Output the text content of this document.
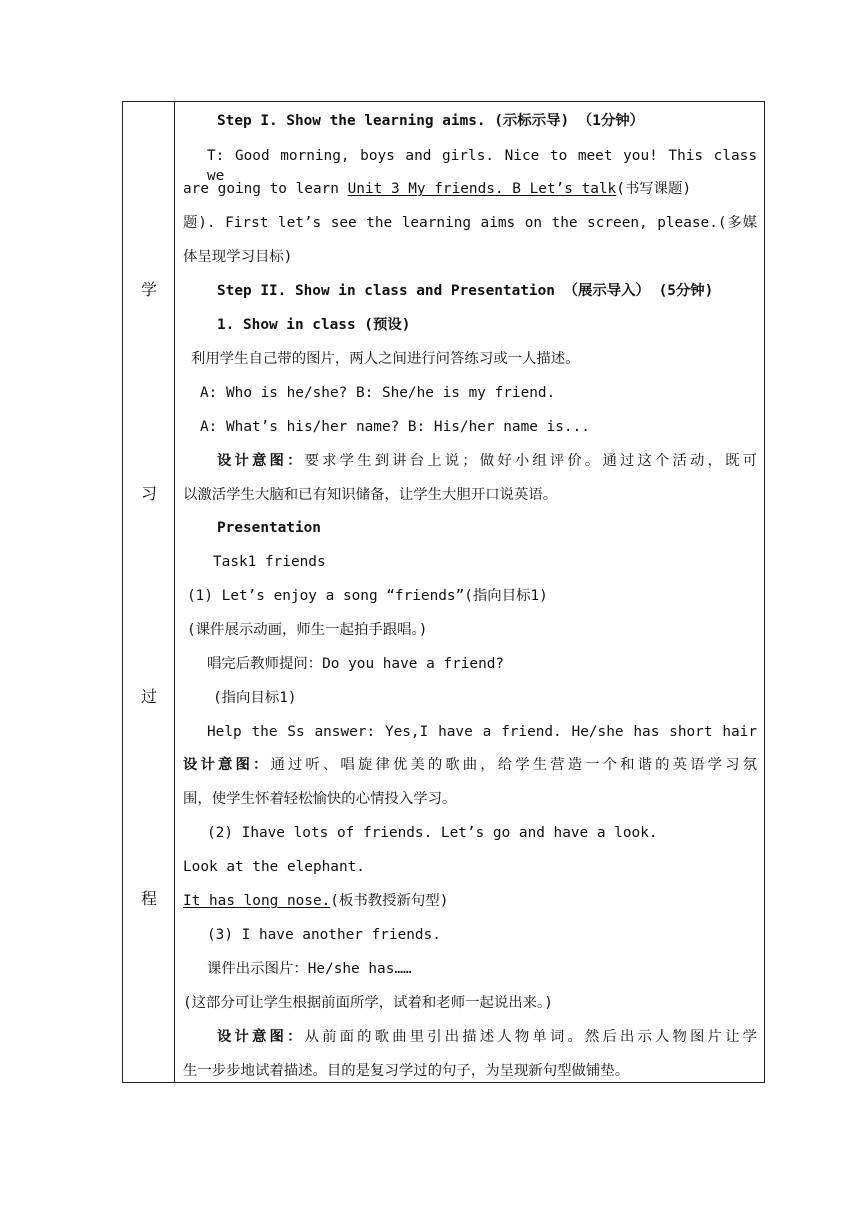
学
习
过
程
Step I. Show the learning aims. (示标示导) （1分钟）
T: Good morning, boys and girls. Nice to meet you! This class we
are going to learn Unit 3 My friends. B Let’s talk(书写课题)
题). First let’s see the learning aims on the screen, please.(多媒
体呈现学习目标)
Step II. Show in class and Presentation （展示导入） (5分钟)
1. Show in class (预设)
利用学生自己带的图片，两人之间进行问答练习或一人描述。
A: Who is he/she? B: She/he is my friend.
A: What’s his/her name? B: His/her name is...
设计意图：要求学生到讲台上说；做好小组评价。通过这个活动，既可
以激活学生大脑和已有知识储备，让学生大胆开口说英语。
Presentation
Task1 friends
(1) Let’s enjoy a song “friends”(指向目标1)
(课件展示动画，师生一起拍手跟唱。)
唱完后教师提问：Do you have a friend?
(指向目标1)
Help the Ss answer: Yes,I have a friend. He/she has short hair
设计意图：通过听、唱旋律优美的歌曲，给学生营造一个和谐的英语学习氛
围，使学生怀着轻松愉快的心情投入学习。
(2) Ihave lots of friends. Let’s go and have a look.
Look at the elephant.
It has long nose.(板书教授新句型)
(3) I have another friends.
课件出示图片：He/she has……
(这部分可让学生根据前面所学，试着和老师一起说出来。)
设计意图：从前面的歌曲里引出描述人物单词。然后出示人物图片让学
生一步步地试着描述。目的是复习学过的句子，为呈现新句型做铺垫。
